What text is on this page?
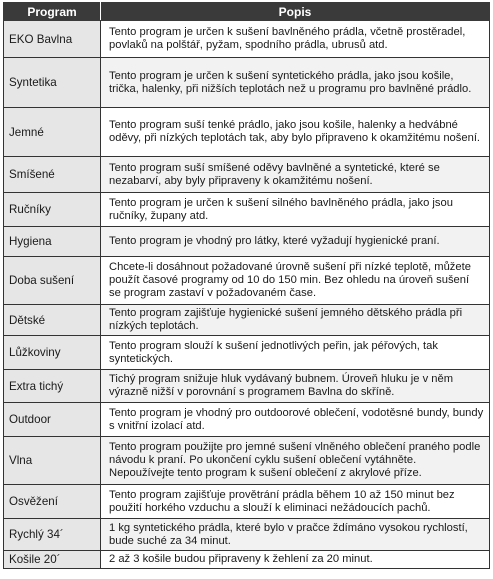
Program	Popis
EKO Bavlna	Tento program je určen k sušení bavlněného prádla, včetně prostěradel, povlaků na polštář, pyžam, spodního prádla, ubrusů atd.
Syntetika	Tento program je určen k sušení syntetického prádla, jako jsou košile, trička, halenky, při nižších teplotách než u programu pro bavlněné prádlo.
Jemné	Tento program suší tenké prádlo, jako jsou košile, halenky a hedvábné oděvy, při nízkých teplotách tak, aby bylo připraveno k okamžitému nošení.
Smíšené	Tento program suší smíšené oděvy bavlněné a syntetické, které se nezabarví, aby byly připraveny k okamžitému nošení.
Ručníky	Tento program je určen k sušení silného bavlněného prádla, jako jsou ručníky, župany atd.
Hygiena	Tento program je vhodný pro látky, které vyžadují hygienické praní.
Doba sušení	Chcete-li dosáhnout požadované úrovně sušení při nízké teplotě, můžete použít časové programy od 10 do 150 min. Bez ohledu na úroveň sušení se program zastaví v požadovaném čase.
Dětské	Tento program zajišťuje hygienické sušení jemného dětského prádla při nízkých teplotách.
Lůžkoviny	Tento program slouží k sušení jednotlivých peřin, jak péřových, tak syntetických.
Extra tichý	Tichý program snižuje hluk vydávaný bubnem. Úroveň hluku je v něm výrazně nižší v porovnání s programem Bavlna do skříně.
Outdoor	Tento program je vhodný pro outdoorové oblečení, vodotěsné bundy, bundy s vnitřní izolací atd.
Vlna	Tento program použijte pro jemné sušení vlněného oblečení praného podle návodu k praní. Po ukončení cyklu sušení oblečení vytáhněte. Nepoužívejte tento program k sušení oblečení z akrylové příze.
Osvěžení	Tento program zajišťuje provětrání prádla během 10 až 150 minut bez použití horkého vzduchu a slouží k eliminaci nežádoucích pachů.
Rychlý 34´	1 kg syntetického prádla, které bylo v pračce ždímáno vysokou rychlostí, bude suché za 34 minut.
Košile 20´	2 až 3 košile budou připraveny k žehlení za 20 minut.
